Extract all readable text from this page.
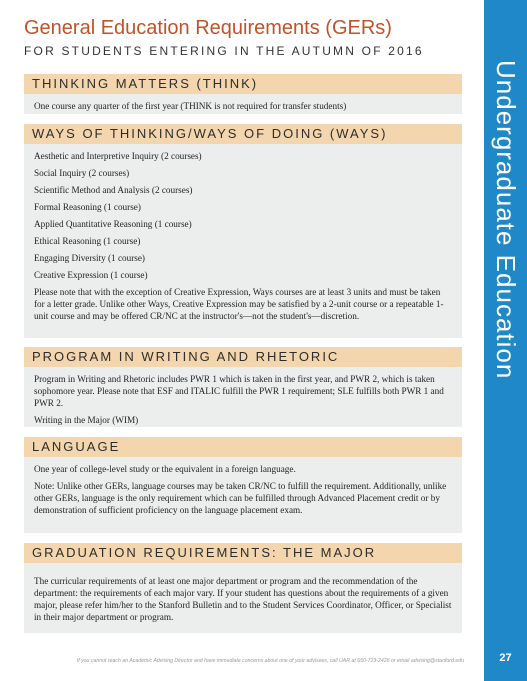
General Education Requirements (GERs)
FOR STUDENTS ENTERING IN THE AUTUMN OF 2016
Undergraduate Education
THINKING MATTERS (THINK)

One course any quarter of the first year (THINK is not required for transfer students)

WAYS OF THINKING/WAYS OF DOING (WAYS)

Aesthetic and Interpretive Inquiry (2 courses)

Social Inquiry (2 courses)

Scientific Method and Analysis (2 courses)

Formal Reasoning (1 course)

Applied Quantitative Reasoning (1 course)

Ethical Reasoning (1 course)

Engaging Diversity (1 course)

Creative Expression (1 course)

Please note that with the exception of Creative Expression, Ways courses are at least 3 units and must be taken for a letter grade. Unlike other Ways, Creative Expression may be satisfied by a 2-unit course or a repeatable 1-unit course and may be offered CR/NC at the instructor's—not the student's—discretion.

PROGRAM IN WRITING AND RHETORIC

Program in Writing and Rhetoric includes PWR 1 which is taken in the first year, and PWR 2, which is taken sophomore year. Please note that ESF and ITALIC fulfill the PWR 1 requirement; SLE fulfills both PWR 1 and PWR 2.

Writing in the Major (WIM)

LANGUAGE

One year of college-level study or the equivalent in a foreign language.

Note: Unlike other GERs, language courses may be taken CR/NC to fulfill the requirement. Additionally, unlike other GERs, language is the only requirement which can be fulfilled through Advanced Placement credit or by demonstration of sufficient proficiency on the language placement exam.

GRADUATION REQUIREMENTS: THE MAJOR

The curricular requirements of at least one major department or program and the recommendation of the department: the requirements of each major vary. If your student has questions about the requirements of a given major, please refer him/her to the Stanford Bulletin and to the Student Services Coordinator, Officer, or Specialist in their major department or program.

If you cannot reach an Academic Advising Director and have immediate concerns about one of your advisees, call UAR at 650-723-2426 or email advising@stanford.edu	27
